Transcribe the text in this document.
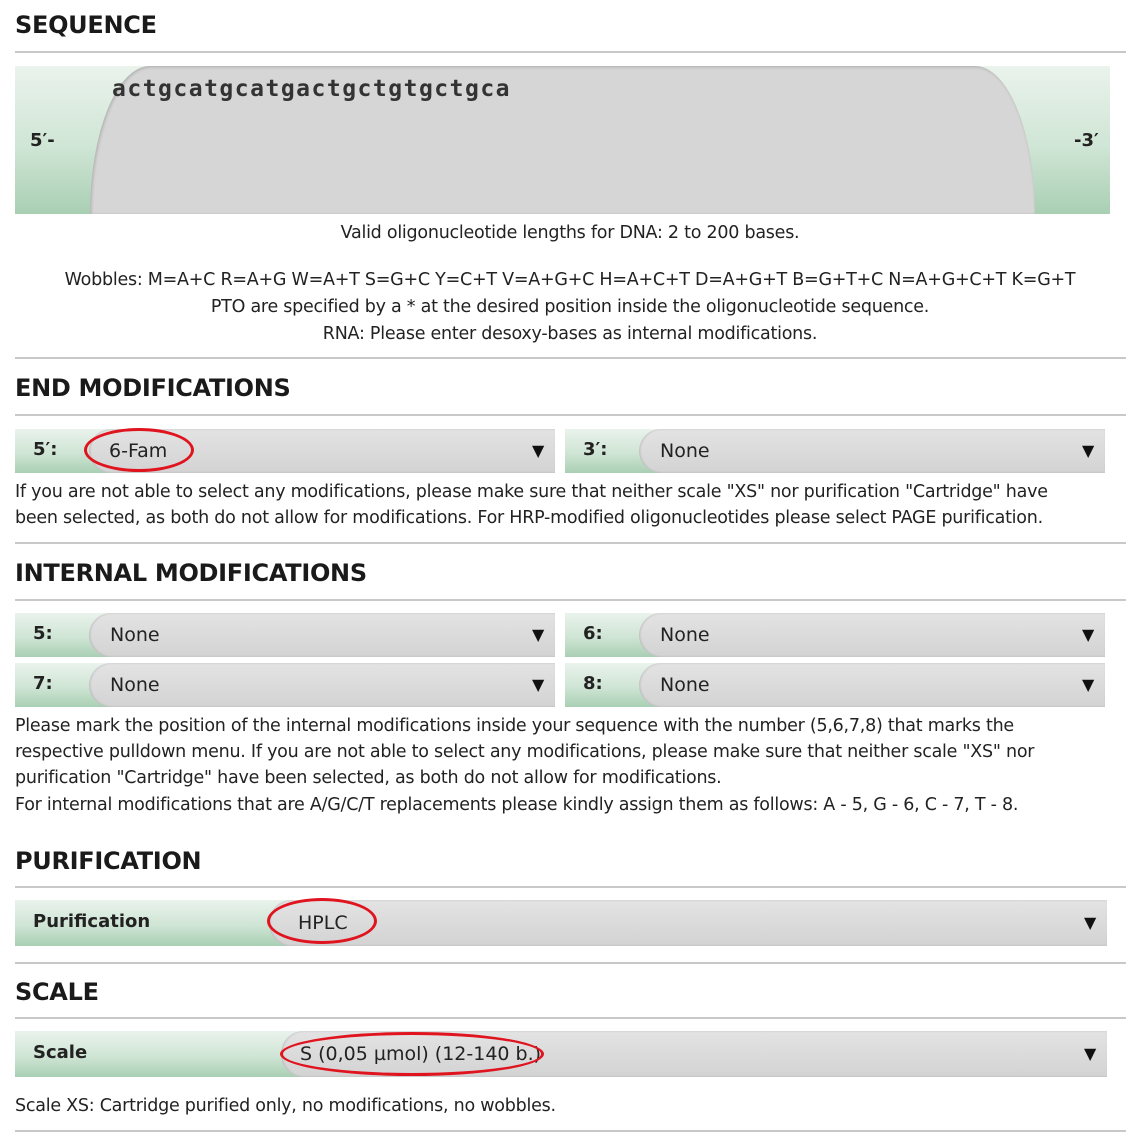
SEQUENCE
5′-	-3′
actgcatgcatgactgctgtgctgca
Valid oligonucleotide lengths for DNA: 2 to 200 bases.
Wobbles: M=A+C R=A+G W=A+T S=G+C Y=C+T V=A+G+C H=A+C+T D=A+G+T B=G+T+C N=A+G+C+T K=G+T
PTO are specified by a * at the desired position inside the oligonucleotide sequence.
RNA: Please enter desoxy-bases as internal modifications.
END MODIFICATIONS
5′:	6-Fam	▼ 3′:	None	▼
If you are not able to select any modifications, please make sure that neither scale "XS" nor purification "Cartridge" have
been selected, as both do not allow for modifications. For HRP-modified oligonucleotides please select PAGE purification.
INTERNAL MODIFICATIONS
5:	None	▼ 6:	None	▼
7:	None	▼ 8:	None	▼
Please mark the position of the internal modifications inside your sequence with the number (5,6,7,8) that marks the
respective pulldown menu. If you are not able to select any modifications, please make sure that neither scale "XS" nor
purification "Cartridge" have been selected, as both do not allow for modifications.
For internal modifications that are A/G/C/T replacements please kindly assign them as follows: A - 5, G - 6, C - 7, T - 8.
PURIFICATION
Purification	HPLC	▼
SCALE
Scale	S (0,05 µmol) (12-140 b.)	▼
Scale XS: Cartridge purified only, no modifications, no wobbles.
